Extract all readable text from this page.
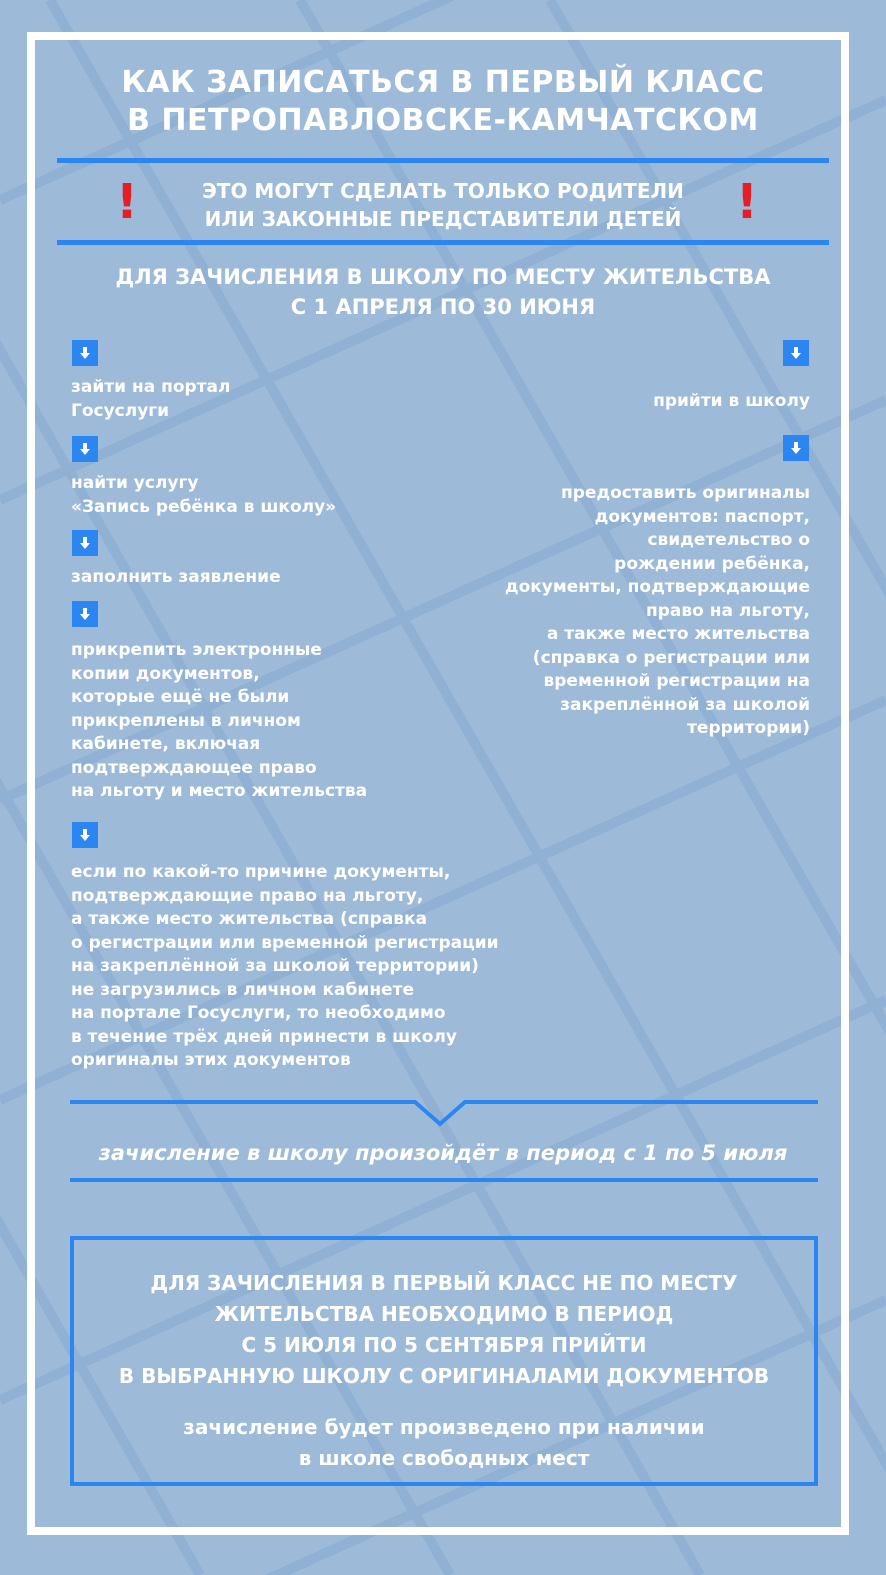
КАК ЗАПИСАТЬСЯ В ПЕРВЫЙ КЛАСС
В ПЕТРОПАВЛОВСКЕ-КАМЧАТСКОМ
!	ЭТО МОГУТ СДЕЛАТЬ ТОЛЬКО РОДИТЕЛИ
ИЛИ ЗАКОННЫЕ ПРЕДСТАВИТЕЛИ ДЕТЕЙ	!
ДЛЯ ЗАЧИСЛЕНИЯ В ШКОЛУ ПО МЕСТУ ЖИТЕЛЬСТВА
С 1 АПРЕЛЯ ПО 30 ИЮНЯ
зайти на портал
Госуслуги
найти услугу
«Запись ребёнка в школу»
заполнить заявление
прикрепить электронные
копии документов,
которые ещё не были
прикреплены в личном
кабинете, включая
подтверждающее право
на льготу и место жительства
если по какой-то причине документы,
подтверждающие право на льготу,
а также место жительства (справка
о регистрации или временной регистрации
на закреплённой за школой территории)
не загрузились в личном кабинете
на портале Госуслуги, то необходимо
в течение трёх дней принести в школу
оригиналы этих документов
прийти в школу
предоставить оригиналы
документов: паспорт,
свидетельство о
рождении ребёнка,
документы, подтверждающие
право на льготу,
а также место жительства
(справка о регистрации или
временной регистрации на
закреплённой за школой
территории)
зачисление в школу произойдёт в период с 1 по 5 июля
ДЛЯ ЗАЧИСЛЕНИЯ В ПЕРВЫЙ КЛАСС НЕ ПО МЕСТУ
ЖИТЕЛЬСТВА НЕОБХОДИМО В ПЕРИОД
С 5 ИЮЛЯ ПО 5 СЕНТЯБРЯ ПРИЙТИ
В ВЫБРАННУЮ ШКОЛУ С ОРИГИНАЛАМИ ДОКУМЕНТОВ
зачисление будет произведено при наличии
в школе свободных мест
